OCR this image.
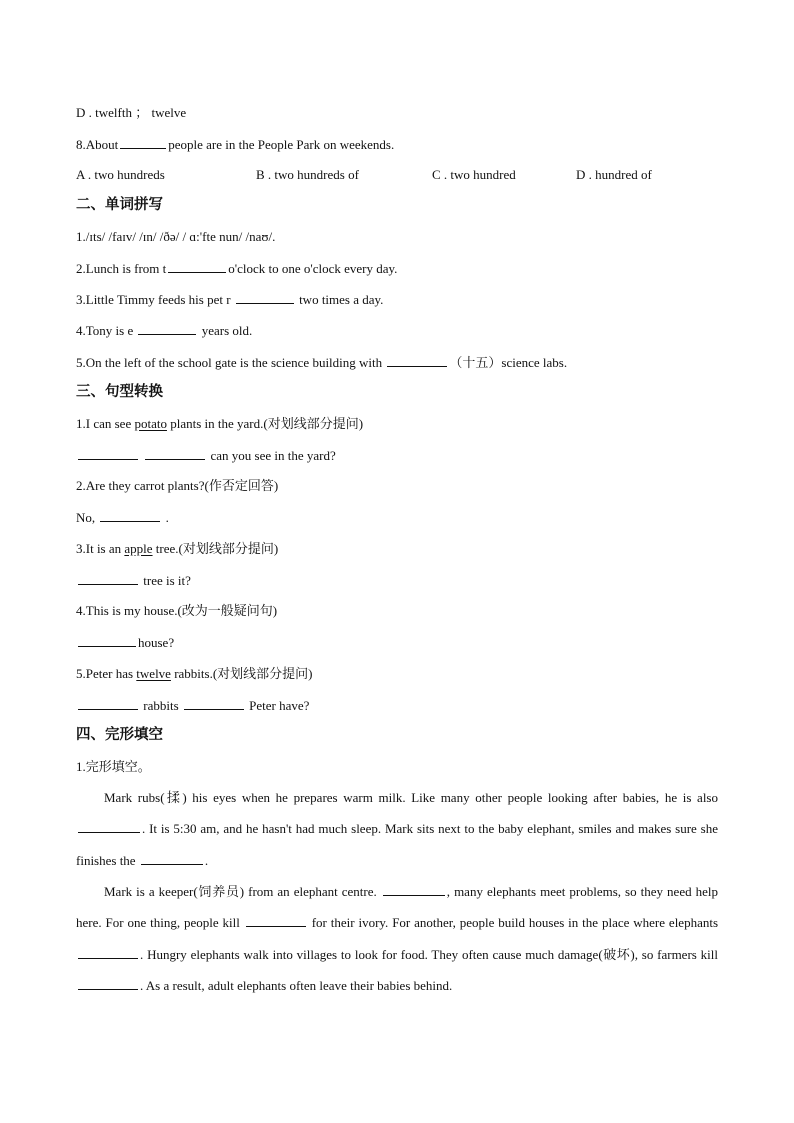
D . twelfth ； twelve
8.About	people are in the People Park on weekends.
A . two hundreds	B . two hundreds of	C . two hundred	D . hundred of
二、单词拼写
1./ɪts/ /faɪv/ /ɪn/ /ðə/ / ɑ:'fte nun/ /naʊ/.
2.Lunch is from t	o'clock to one o'clock every day.
3.Little Timmy feeds his pet r	two times a day.
4.Tony is e	years old.
5.On the left of the school gate is the science building with	（十五）science labs.
三、句型转换
1.I can see potato plants in the yard.(对划线部分提问)
can you see in the yard?
2.Are they carrot plants?(作否定回答)
No,	.
3.It is an apple tree.(对划线部分提问)
tree is it?
4.This is my house.(改为一般疑问句)
house?
5.Peter has twelve rabbits.(对划线部分提问)
rabbits	Peter have?
四、完形填空
1.完形填空。
Mark rubs(揉) his eyes when he prepares warm milk. Like many other people looking after babies, he is also . It is 5:30 am, and he hasn't had much sleep. Mark sits next to the baby elephant, smiles and makes sure she finishes the	.
Mark is a keeper(饲养员) from an elephant centre.	, many elephants meet problems, so they need help here. For one thing, people kill	for their ivory. For another, people build houses in the place where elephants . Hungry elephants walk into villages to look for food. They often cause much damage(破坏), so farmers kill . As a result, adult elephants often leave their babies behind.
